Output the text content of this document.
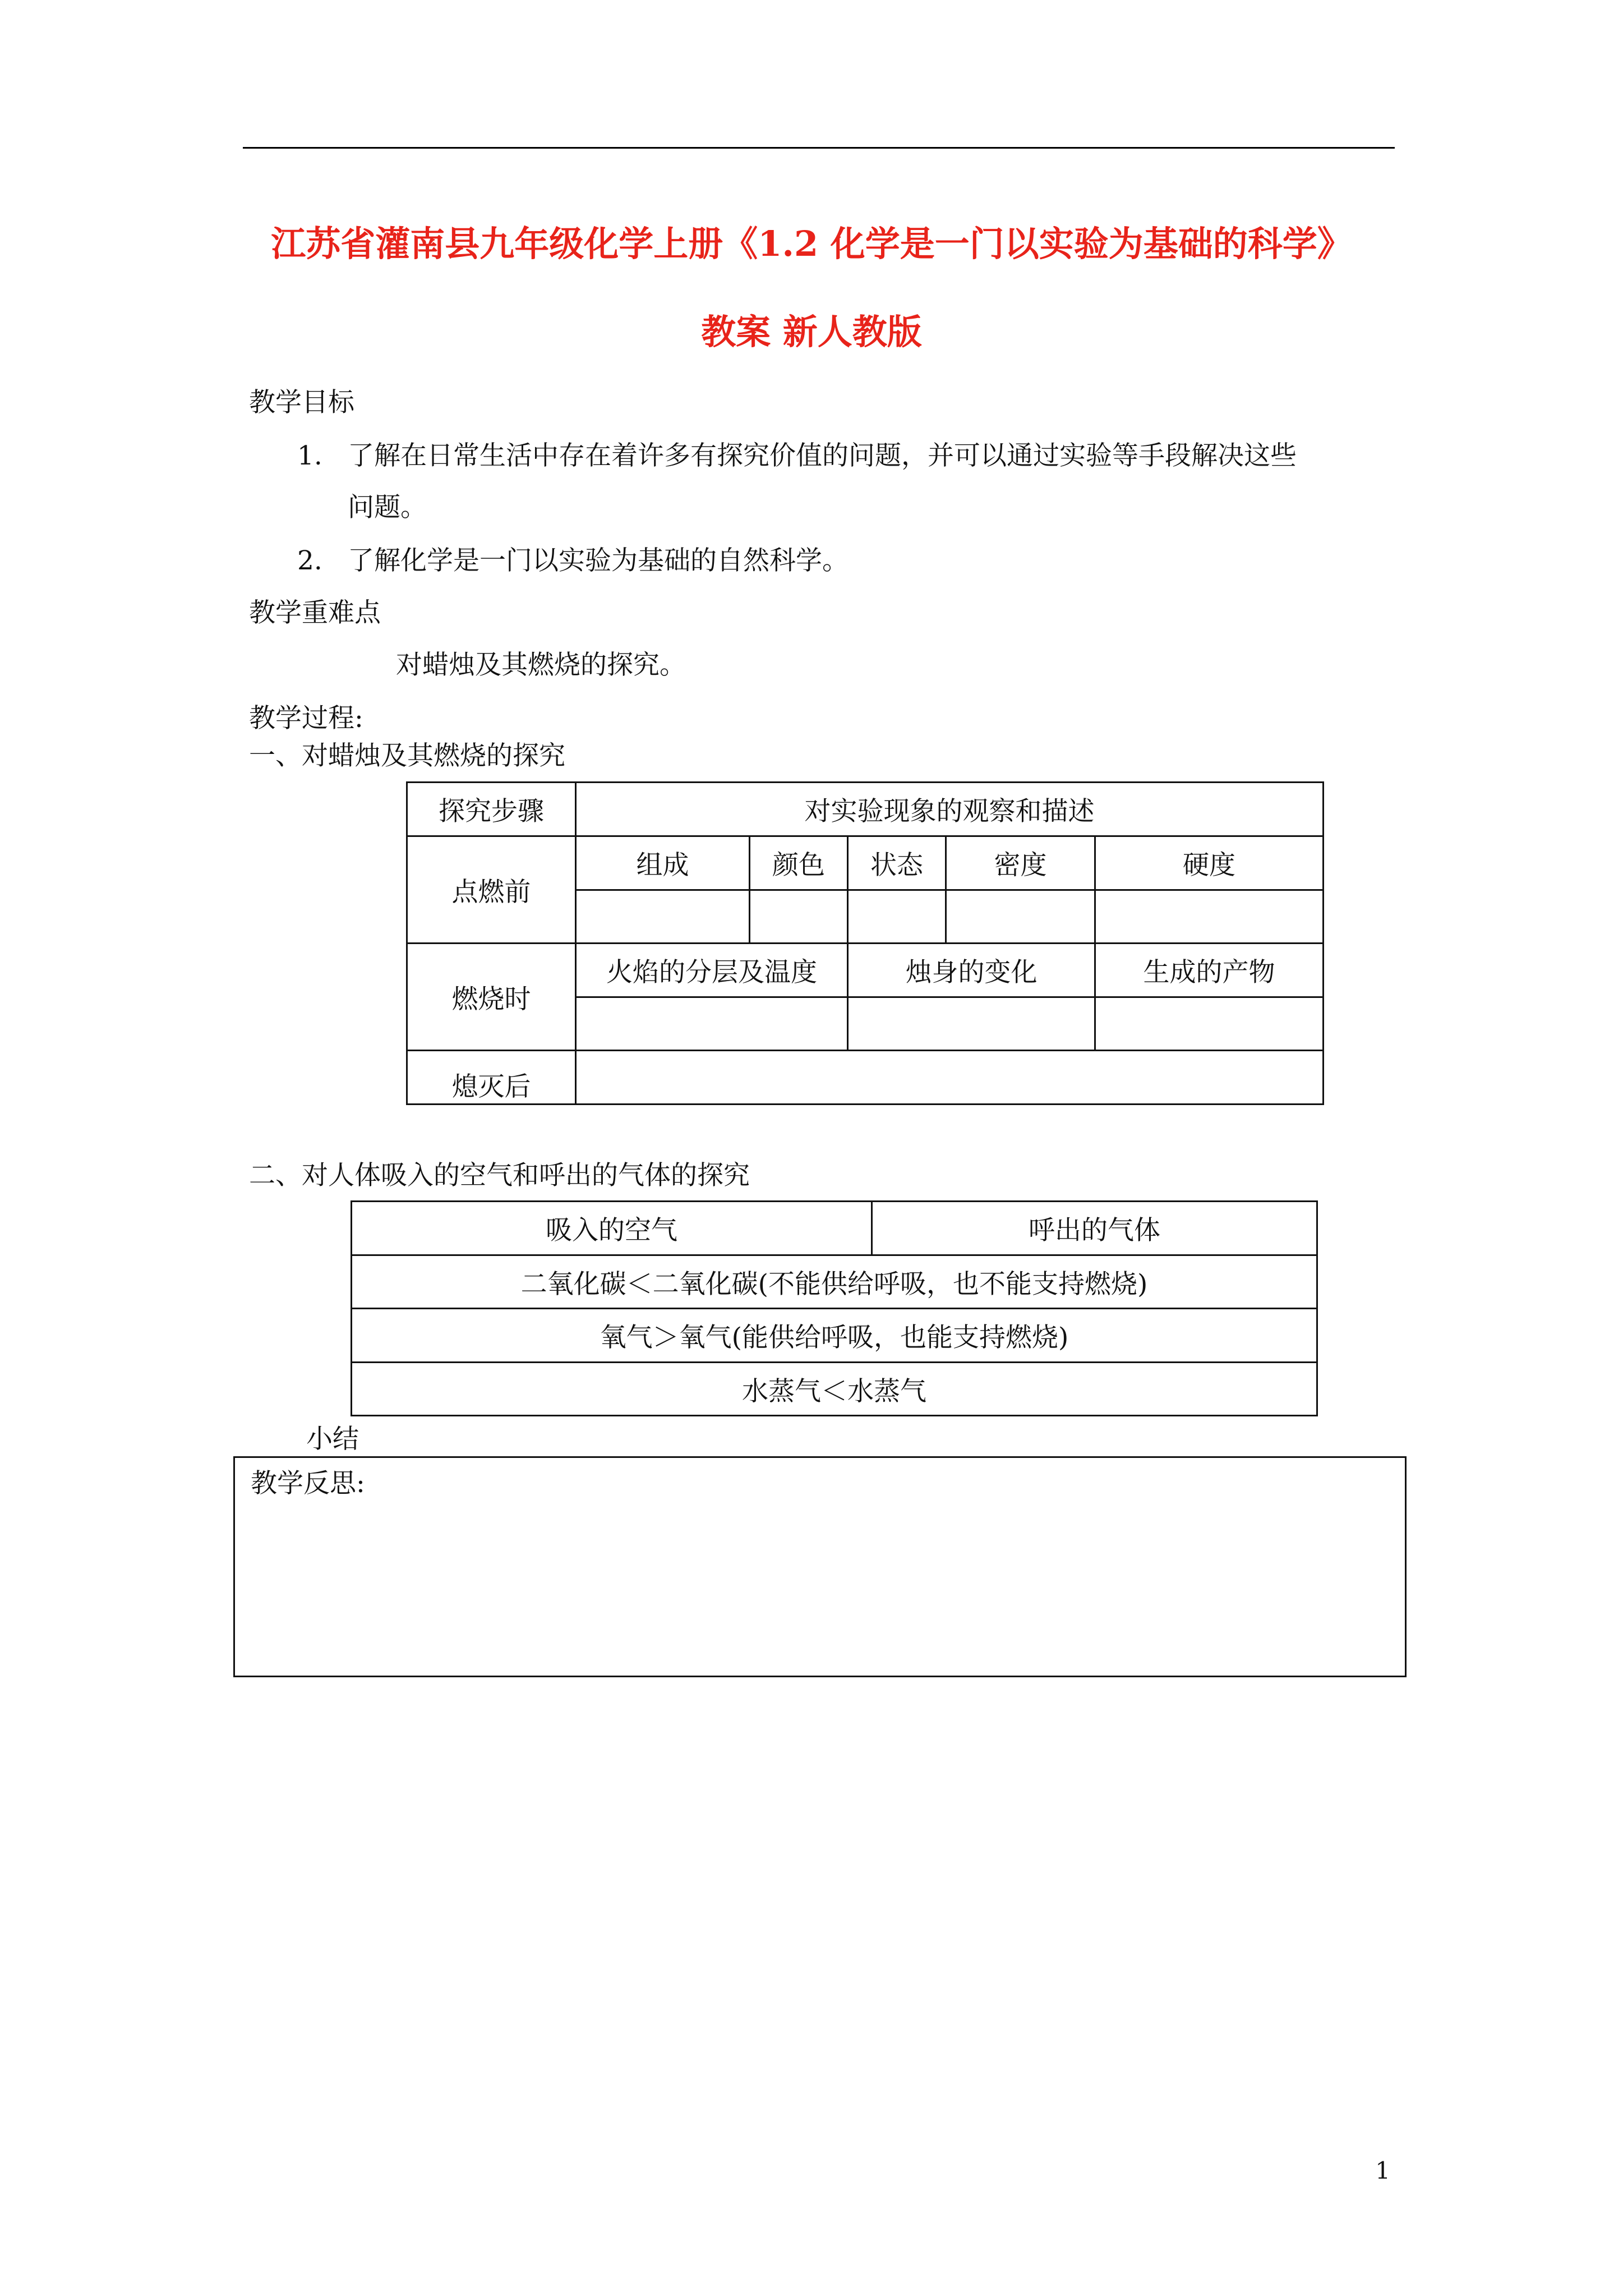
江苏省灌南县九年级化学上册《1.2 化学是一门以实验为基础的科学》
教案 新人教版
教学目标
1. 了解在日常生活中存在着许多有探究价值的问题，并可以通过实验等手段解决这些
问题。
2. 了解化学是一门以实验为基础的自然科学。
教学重难点
对蜡烛及其燃烧的探究。
教学过程:
一、对蜡烛及其燃烧的探究
探究步骤	对实验现象的观察和描述				
点燃前	组成	颜色	状态	密度	硬度

燃烧时	火焰的分层及温度		烛身的变化		生成的产物

熄灭后					
二、对人体吸入的空气和呼出的气体的探究
吸入的空气	呼出的气体
二氧化碳＜二氧化碳(不能供给呼吸，也不能支持燃烧)
氧气＞氧气(能供给呼吸，也能支持燃烧)
水蒸气＜水蒸气
小结
教学反思:
1
